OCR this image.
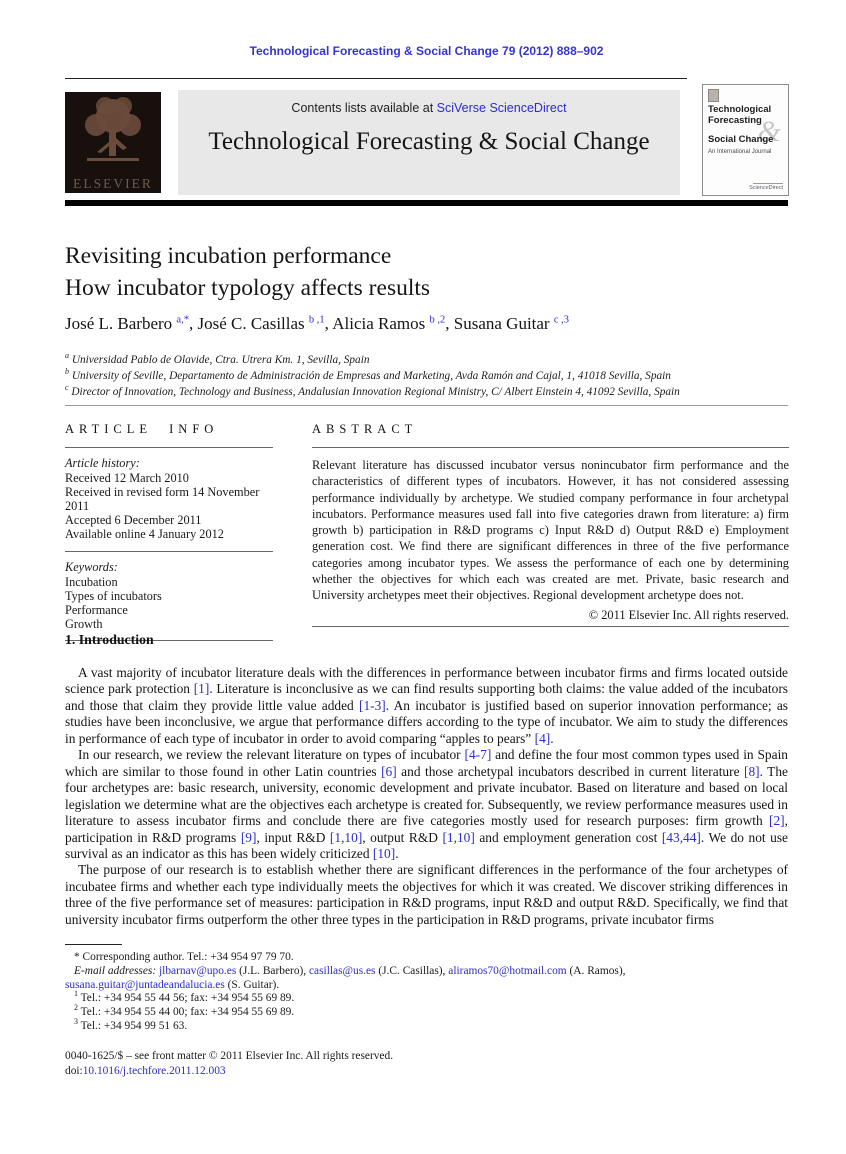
Technological Forecasting & Social Change 79 (2012) 888–902
ELSEVIER
Contents lists available at SciVerse ScienceDirect
Technological Forecasting & Social Change	&
Technological
Forecasting
Social Change
An International Journal
ScienceDirect
Revisiting incubation performance
How incubator typology affects results
José L. Barbero $^{a,*}$, José C. Casillas $^{b ,1}$, Alicia Ramos $^{b ,2}$, Susana Guitar $^{c ,3}$
$^a$ Universidad Pablo de Olavide, Ctra. Utrera Km. 1, Sevilla, Spain
$^b$ University of Seville, Departamento de Administración de Empresas and Marketing, Avda Ramón and Cajal, 1, 41018 Sevilla, Spain
$^c$ Director of Innovation, Technology and Business, Andalusian Innovation Regional Ministry, C/ Albert Einstein 4, 41092 Sevilla, Spain
ARTICLE INFO
Article history:
Received 12 March 2010
Received in revised form 14 November 2011
Accepted 6 December 2011
Available online 4 January 2012
Keywords:
Incubation
Types of incubators
Performance
Growth
ABSTRACT
Relevant literature has discussed incubator versus nonincubator firm performance and the characteristics of different types of incubators. However, it has not considered assessing performance individually by archetype. We studied company performance in four archetypal incubators. Performance measures used fall into five categories drawn from literature: a) firm growth b) participation in R&D programs c) Input R&D d) Output R&D e) Employment generation cost. We find there are significant differences in three of the five performance categories among incubator types. We assess the performance of each one by determining whether the objectives for which each was created are met. Private, basic research and University archetypes meet their objectives. Regional development archetype does not.
© 2011 Elsevier Inc. All rights reserved.
1. Introduction
A vast majority of incubator literature deals with the differences in performance between incubator firms and firms located outside science park protection [1]. Literature is inconclusive as we can find results supporting both claims: the value added of the incubators and those that claim they provide little value added [1-3]. An incubator is justified based on superior innovation performance; as studies have been inconclusive, we argue that performance differs according to the type of incubator. We aim to study the differences in performance of each type of incubator in order to avoid comparing “apples to pears” [4].
In our research, we review the relevant literature on types of incubator [4-7] and define the four most common types used in Spain which are similar to those found in other Latin countries [6] and those archetypal incubators described in current literature [8]. The four archetypes are: basic research, university, economic development and private incubator. Based on literature and based on local legislation we determine what are the objectives each archetype is created for. Subsequently, we review performance measures used in literature to assess incubator firms and conclude there are five categories mostly used for research purposes: firm growth [2], participation in R&D programs [9], input R&D [1,10], output R&D [1,10] and employment generation cost [43,44]. We do not use survival as an indicator as this has been widely criticized [10].
The purpose of our research is to establish whether there are significant differences in the performance of the four archetypes of incubatee firms and whether each type individually meets the objectives for which it was created. We discover striking differences in three of the five performance set of measures: participation in R&D programs, input R&D and output R&D. Specifically, we find that university incubator firms outperform the other three types in the participation in R&D programs, private incubator firms
* Corresponding author. Tel.: +34 954 97 79 70.
E-mail addresses: jlbarnav@upo.es (J.L. Barbero), casillas@us.es (J.C. Casillas), aliramos70@hotmail.com (A. Ramos), susana.guitar@juntadeandalucia.es (S. Guitar).
$^1$ Tel.: +34 954 55 44 56; fax: +34 954 55 69 89.
$^2$ Tel.: +34 954 55 44 00; fax: +34 954 55 69 89.
$^3$ Tel.: +34 954 99 51 63.
0040-1625/$ – see front matter © 2011 Elsevier Inc. All rights reserved.
doi:10.1016/j.techfore.2011.12.003
